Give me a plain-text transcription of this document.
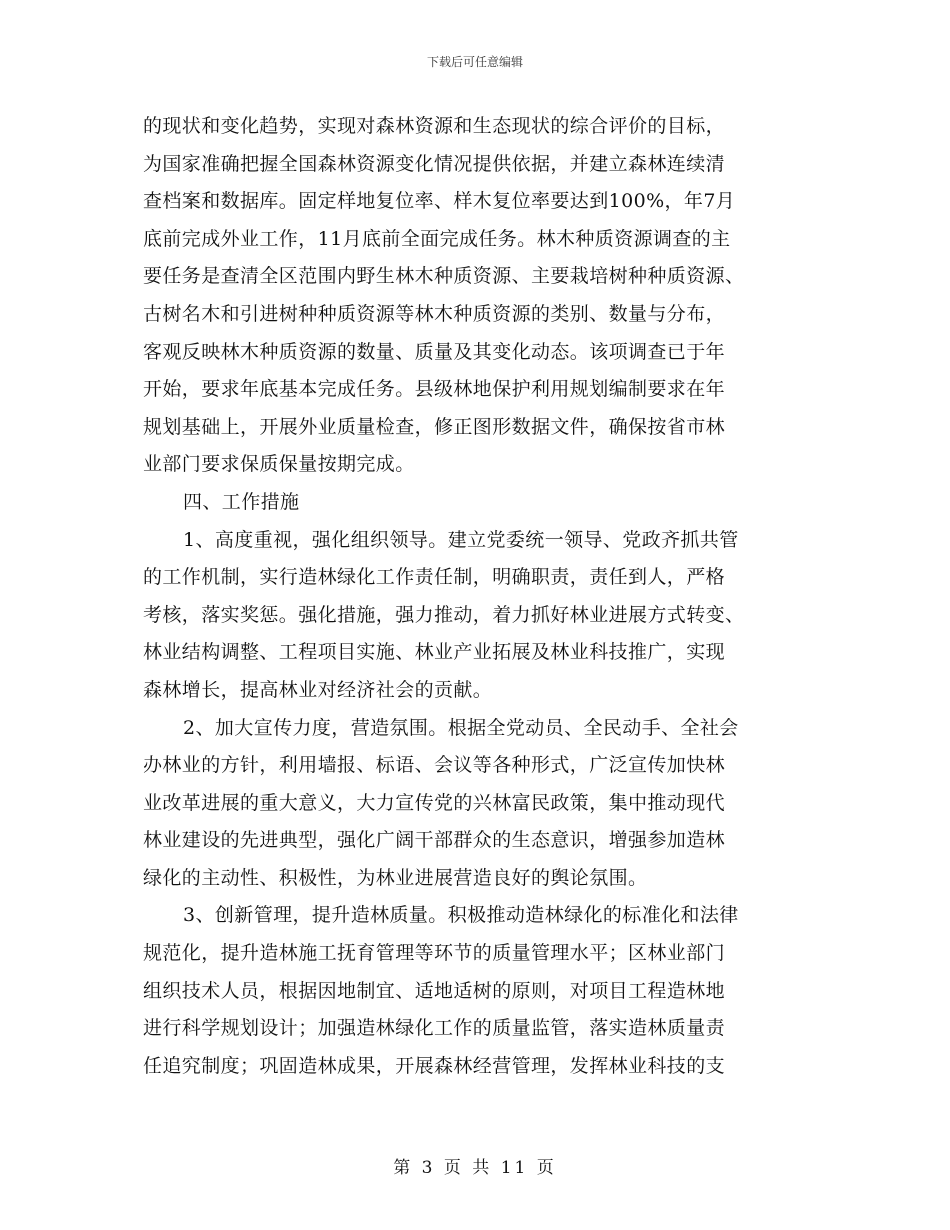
下载后可任意编辑
的现状和变化趋势，实现对森林资源和生态现状的综合评价的目标，
为国家准确把握全国森林资源变化情况提供依据，并建立森林连续清
查档案和数据库。固定样地复位率、样木复位率要达到100%，年7月
底前完成外业工作，11月底前全面完成任务。林木种质资源调查的主
要任务是查清全区范围内野生林木种质资源、主要栽培树种种质资源、
古树名木和引进树种种质资源等林木种质资源的类别、数量与分布，
客观反映林木种质资源的数量、质量及其变化动态。该项调查已于年
开始，要求年底基本完成任务。县级林地保护利用规划编制要求在年
规划基础上，开展外业质量检查，修正图形数据文件，确保按省市林
业部门要求保质保量按期完成。
四、工作措施
1、高度重视，强化组织领导。建立党委统一领导、党政齐抓共管
的工作机制，实行造林绿化工作责任制，明确职责，责任到人，严格
考核，落实奖惩。强化措施，强力推动，着力抓好林业进展方式转变、
林业结构调整、工程项目实施、林业产业拓展及林业科技推广，实现
森林增长，提高林业对经济社会的贡献。
2、加大宣传力度，营造氛围。根据全党动员、全民动手、全社会
办林业的方针，利用墙报、标语、会议等各种形式，广泛宣传加快林
业改革进展的重大意义，大力宣传党的兴林富民政策，集中推动现代
林业建设的先进典型，强化广阔干部群众的生态意识，增强参加造林
绿化的主动性、积极性，为林业进展营造良好的舆论氛围。
3、创新管理，提升造林质量。积极推动造林绿化的标准化和法律
规范化，提升造林施工抚育管理等环节的质量管理水平；区林业部门
组织技术人员，根据因地制宜、适地适树的原则，对项目工程造林地
进行科学规划设计；加强造林绿化工作的质量监管，落实造林质量责
任追究制度；巩固造林成果，开展森林经营管理，发挥林业科技的支
第 3 页 共 11 页
